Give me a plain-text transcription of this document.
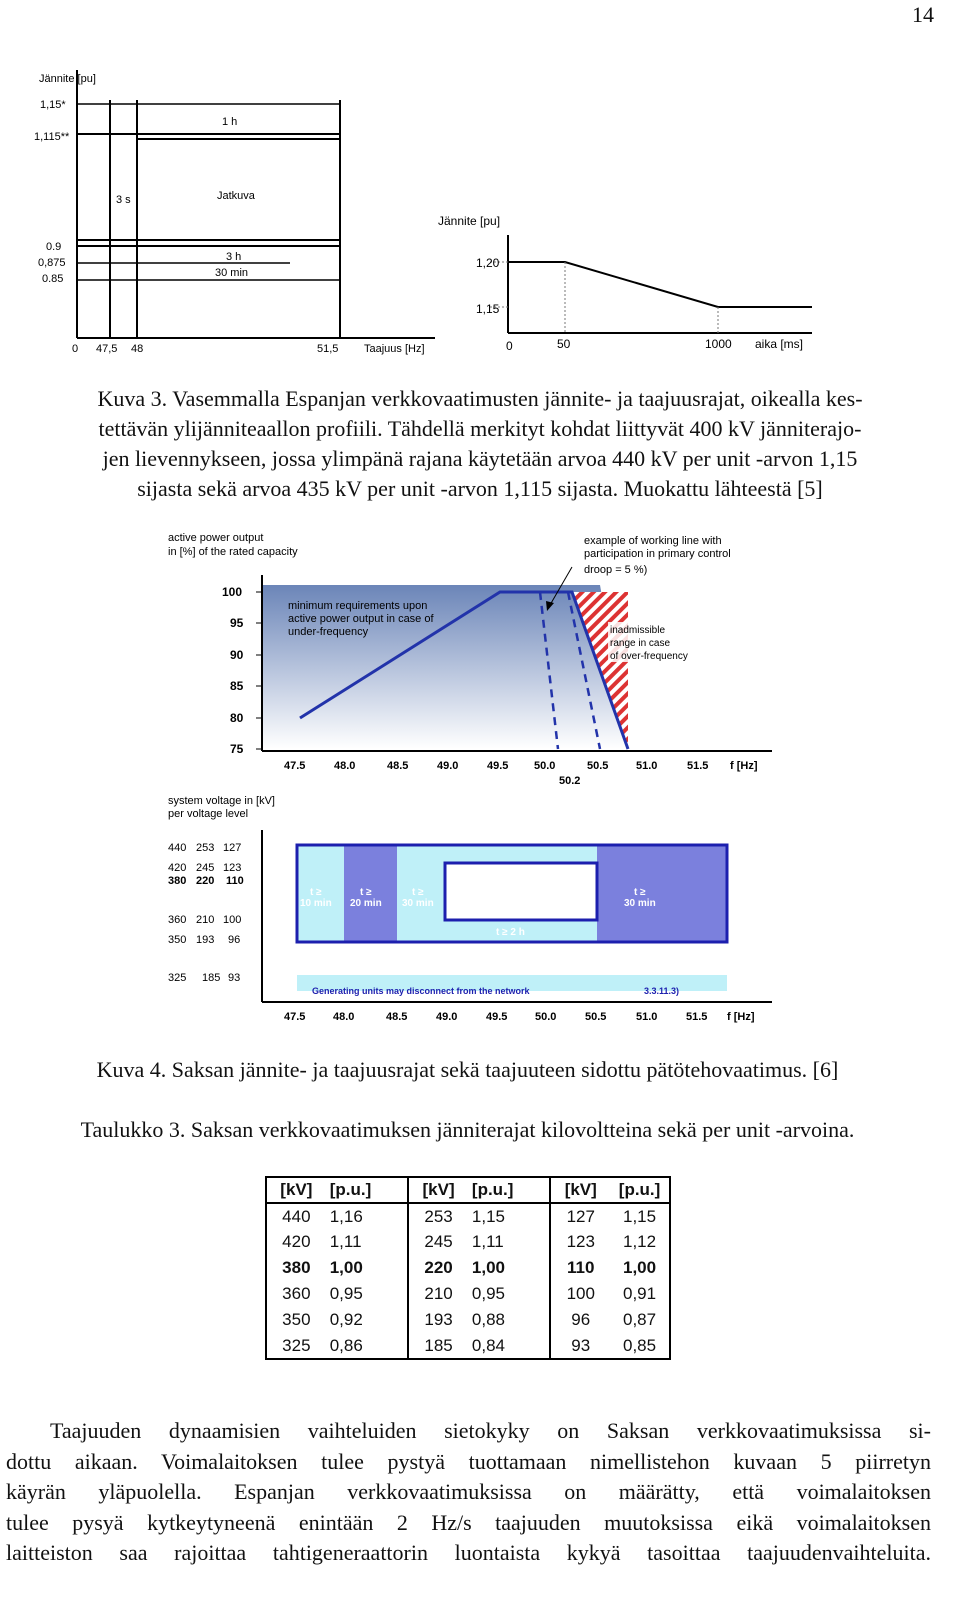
14
Jännite [pu]
1,15*
1,115**
0.9
0,875
0.85
0 47,5 48	51,5 Taajuus [Hz]
1 h
3 s	Jatkuva
3 h
30 min
Jännite [pu]
1,20
1,15
0	50	1000 aika [ms]
Kuva 3. Vasemmalla Espanjan verkkovaatimusten jännite- ja taajuusrajat, oikealla kes-
tettävän ylijänniteaallon profiili. Tähdellä merkityt kohdat liittyvät 400 kV jänniterajo-
jen lievennykseen, jossa ylimpänä rajana käytetään arvoa 440 kV per unit -arvon 1,15
sijasta sekä arvoa 435 kV per unit -arvon 1,115 sijasta. Muokattu lähteestä [5]
active power output
in [%] of the rated capacity
100
95
90
85
80
75
47.5	48.0	48.5	49.0	49.5 50.0	50.5	51.0	51.5
50.2
f [Hz]
minimum requirements upon
active power output in case of
under-frequency
example of working line with
participation in primary control
droop = 5 %)
inadmissible
range in case
of over-frequency
system voltage in [kV]
per voltage level
440 253 127
420 245 123
380 220 110
360 210 100
350 193 96
325 185 93
t ≥
10 min
t ≥
20 min
t ≥
30 min
permanent
t ≥ 2 h
t ≥
30 min
Generating units may disconnect from the network	3.3.11.3)
47.5	48.0	48.5	49.0	49.5	50.0	50.5	51.0	51.5 f [Hz]
Kuva 4. Saksan jännite- ja taajuusrajat sekä taajuuteen sidottu pätötehovaatimus. [6]
Taulukko 3. Saksan verkkovaatimuksen jänniterajat kilovoltteina sekä per unit -arvoina.
[kV]	[p.u.]	[kV]	[p.u.]	[kV]	[p.u.]
440	1,16	253	1,15	127	1,15
420	1,11	245	1,11	123	1,12
380	1,00	220	1,00	110	1,00
360	0,95	210	0,95	100	0,91
350	0,92	193	0,88	96	0,87
325	0,86	185	0,84	93	0,85
Taajuuden dynaamisien vaihteluiden sietokyky on Saksan verkkovaatimuksissa si-
dottu aikaan. Voimalaitoksen tulee pystyä tuottamaan nimellistehon kuvaan 5 piirretyn
käyrän yläpuolella. Espanjan verkkovaatimuksissa on määrätty, että voimalaitoksen
tulee pysyä kytkeytyneenä enintään 2 Hz/s taajuuden muutoksissa eikä voimalaitoksen
laitteiston saa rajoittaa tahtigeneraattorin luontaista kykyä tasoittaa taajuudenvaihteluita.
